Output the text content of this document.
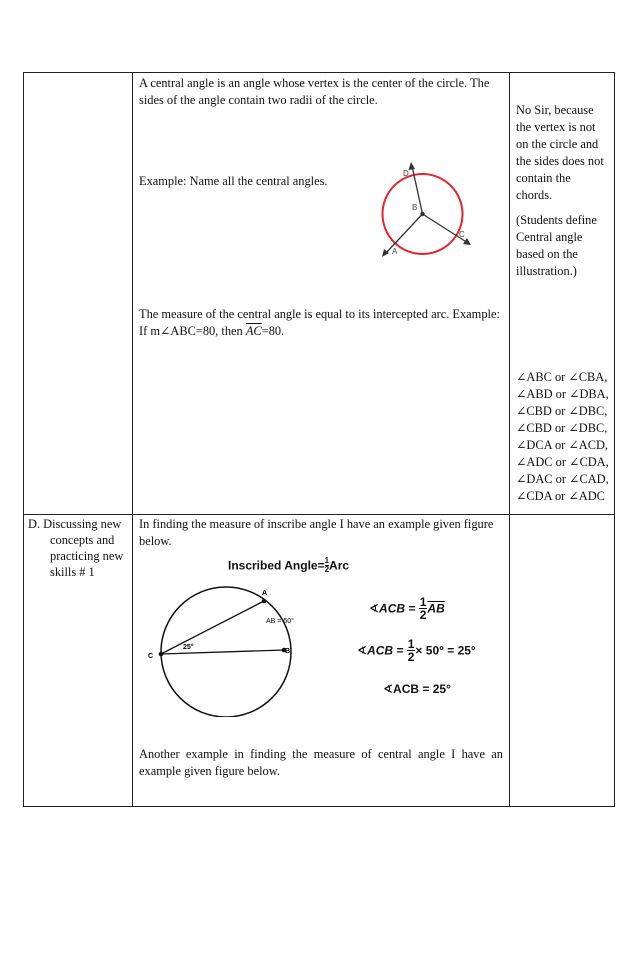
A central angle is an angle whose vertex is the center of the circle. The
sides of the angle contain two radii of the circle.
Example: Name all the central angles.
D
B
C
A
The measure of the central angle is equal to its intercepted arc. Example:
If m∠ABC=80, then $\overline{AC}=80$.
No Sir, because
the vertex is not
on the circle and
the sides does not
contain the
chords.
(Students define
Central angle
based on the
illustration.)
∠ABC or ∠CBA,
∠ABD or ∠DBA,
∠CBD or ∠DBC,
∠CBD or ∠DBC,
∠DCA or ∠ACD,
∠ADC or ∠CDA,
∠DAC or ∠CAD,
∠CDA or ∠ADC
D. Discussing new
concepts and
practicing new
skills # 1
In finding the measure of inscribe angle I have an example given figure
below.
Inscribed Angle= $\frac{1}{2}$ Arc
A
B
C
25°
AB = 50°
∢ACB = $\frac{1}{2} \overline{AB}$
∢ACB = $\frac{1}{2} \times 50^\circ = 25^\circ$
∢ACB = 25°
Another example in finding the measure of central angle I have an
example given figure below.
